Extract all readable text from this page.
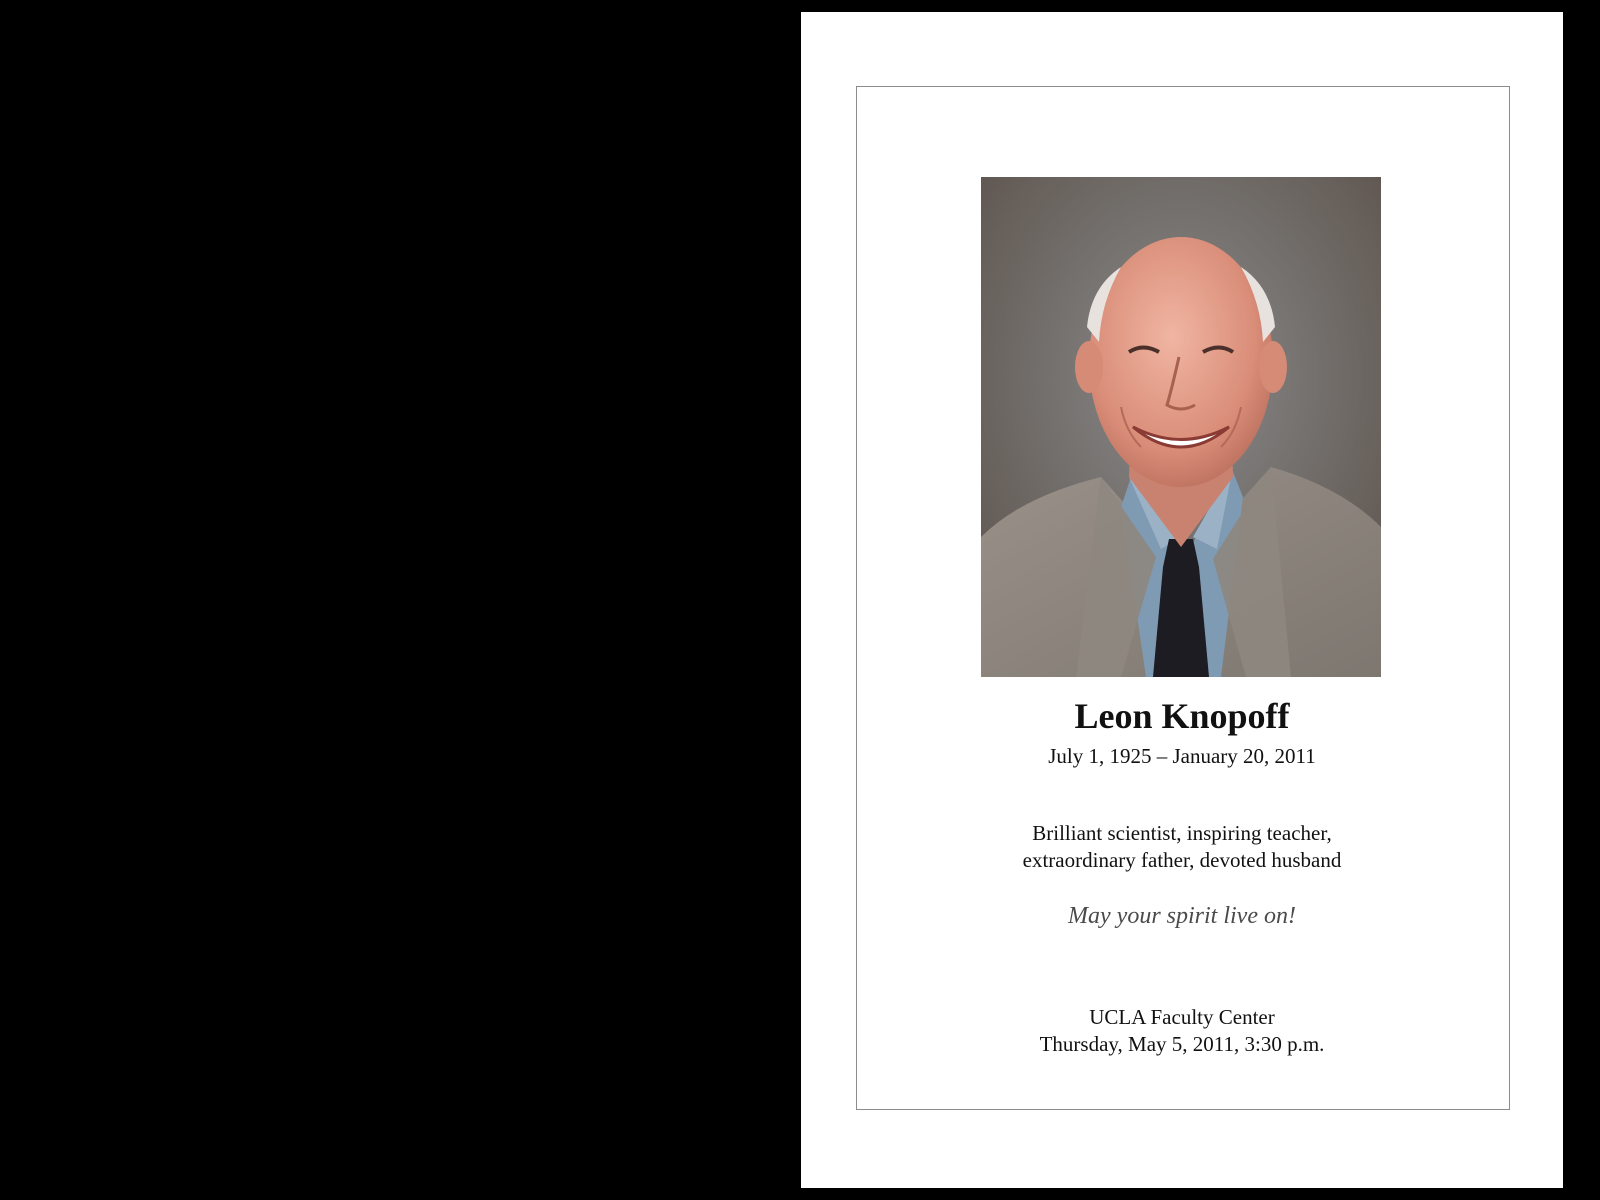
Leon Knopoff
July 1, 1925 – January 20, 2011
Brilliant scientist, inspiring teacher,
extraordinary father, devoted husband
May your spirit live on!
UCLA Faculty Center
Thursday, May 5, 2011, 3:30 p.m.
